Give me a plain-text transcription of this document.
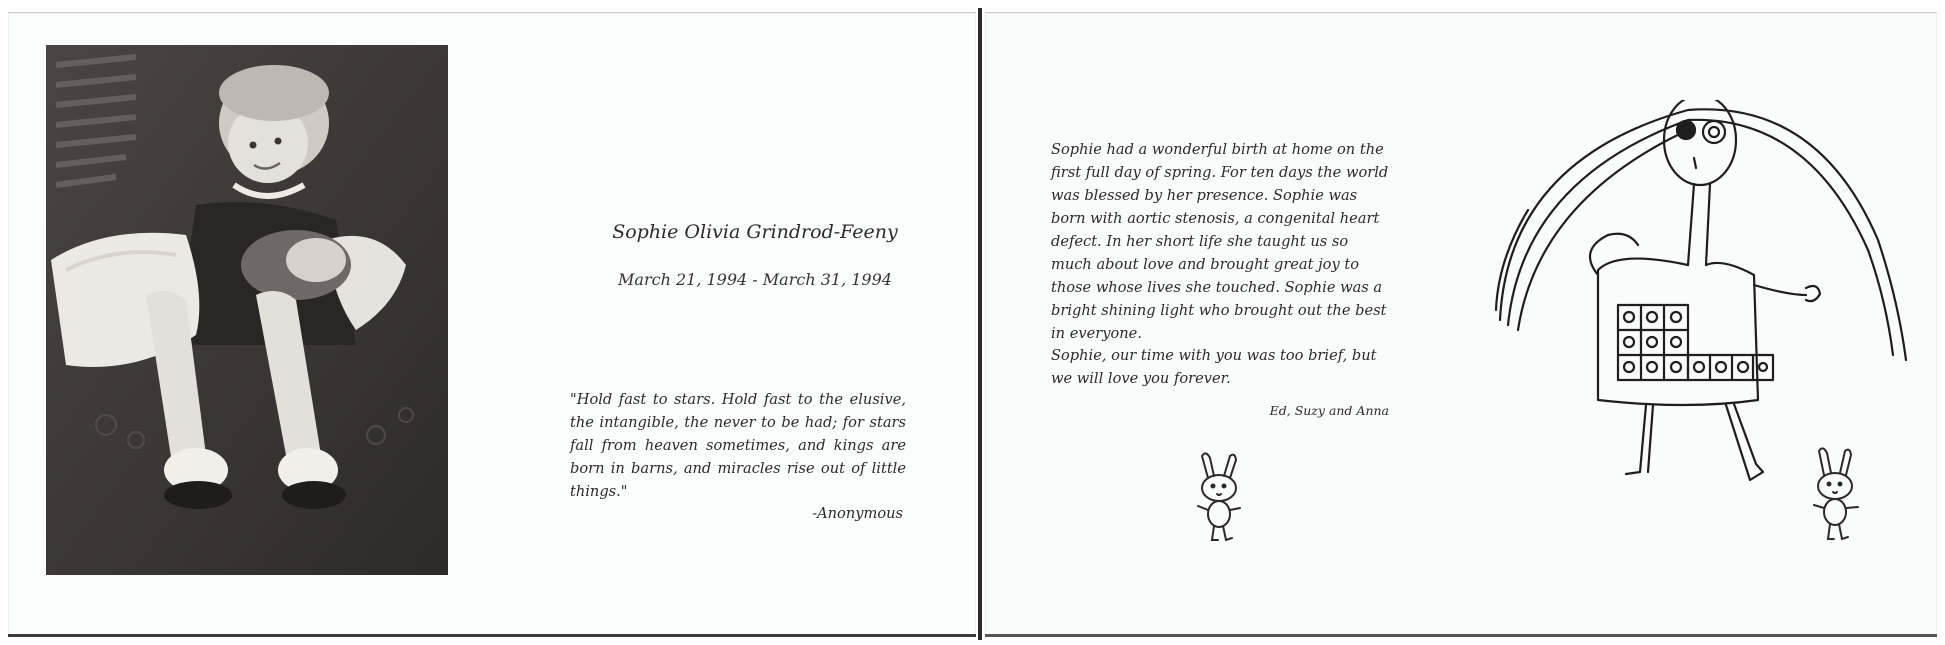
Sophie Olivia Grindrod-Feeny
March 21, 1994 - March 31, 1994
"Hold fast to stars. Hold fast to the elusive, the intangible, the never to be had; for stars fall from heaven sometimes, and kings are born in barns, and miracles rise out of little things."
-Anonymous
Sophie had a wonderful birth at home on the first full day of spring. For ten days the world was blessed by her presence. Sophie was born with aortic stenosis, a congenital heart defect. In her short life she taught us so much about love and brought great joy to those whose lives she touched. Sophie was a bright shining light who brought out the best in everyone.
Sophie, our time with you was too brief, but we will love you forever.
Ed, Suzy and Anna
